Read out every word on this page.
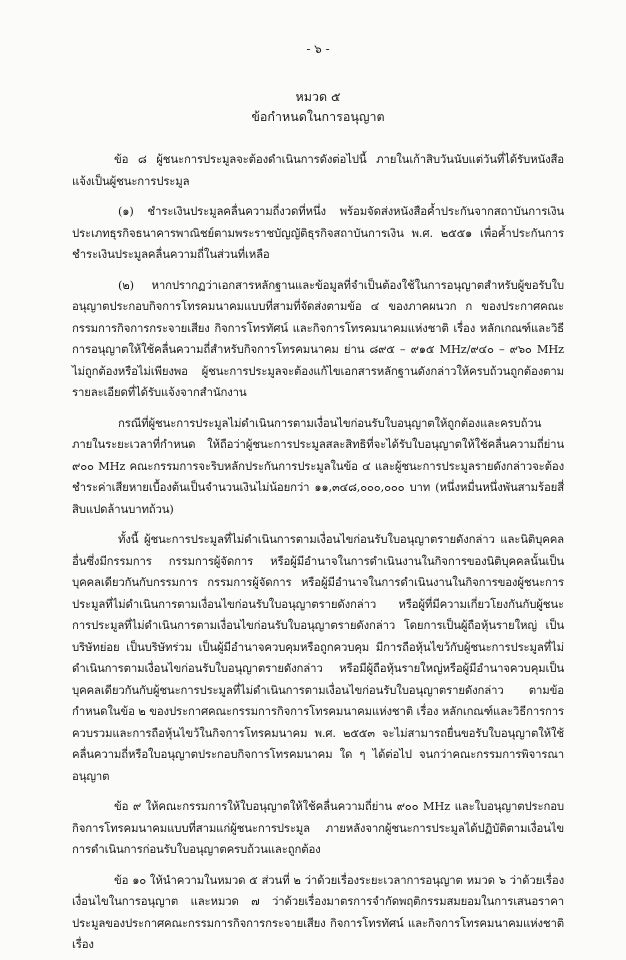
- ๖ -
หมวด ๕
ข้อกำหนดในการอนุญาต

ข้อ ๘ ผู้ชนะการประมูลจะต้องดำเนินการดังต่อไปนี้ ภายในเก้าสิบวันนับแต่วันที่ได้รับหนังสือแจ้งเป็นผู้ชนะการประมูล

(๑) ชำระเงินประมูลคลื่นความถี่งวดที่หนึ่ง พร้อมจัดส่งหนังสือค้ำประกันจากสถาบันการเงินประเภทธุรกิจธนาคารพาณิชย์ตามพระราชบัญญัติธุรกิจสถาบันการเงิน พ.ศ. ๒๕๕๑ เพื่อค้ำประกันการชำระเงินประมูลคลื่นความถี่ในส่วนที่เหลือ

(๒) หากปรากฏว่าเอกสารหลักฐานและข้อมูลที่จำเป็นต้องใช้ในการอนุญาตสำหรับผู้ขอรับใบอนุญาตประกอบกิจการโทรคมนาคมแบบที่สามที่จัดส่งตามข้อ ๔ ของภาคผนวก ก ของประกาศคณะกรรมการกิจการกระจายเสียง กิจการโทรทัศน์ และกิจการโทรคมนาคมแห่งชาติ เรื่อง หลักเกณฑ์และวิธีการอนุญาตให้ใช้คลื่นความถี่สำหรับกิจการโทรคมนาคม ย่าน ๘๙๕ – ๙๑๕ MHz/๙๔๐ – ๙๖๐ MHz ไม่ถูกต้องหรือไม่เพียงพอ ผู้ชนะการประมูลจะต้องแก้ไขเอกสารหลักฐานดังกล่าวให้ครบถ้วนถูกต้องตามรายละเอียดที่ได้รับแจ้งจากสำนักงาน

กรณีที่ผู้ชนะการประมูลไม่ดำเนินการตามเงื่อนไขก่อนรับใบอนุญาตให้ถูกต้องและครบถ้วนภายในระยะเวลาที่กำหนด ให้ถือว่าผู้ชนะการประมูลสละสิทธิที่จะได้รับใบอนุญาตให้ใช้คลื่นความถี่ย่าน ๙๐๐ MHz คณะกรรมการจะริบหลักประกันการประมูลในข้อ ๔ และผู้ชนะการประมูลรายดังกล่าวจะต้องชำระค่าเสียหายเบื้องต้นเป็นจำนวนเงินไม่น้อยกว่า ๑๑,๓๔๘,๐๐๐,๐๐๐ บาท (หนึ่งหมื่นหนึ่งพันสามร้อยสี่สิบแปดล้านบาทถ้วน)

ทั้งนี้ ผู้ชนะการประมูลที่ไม่ดำเนินการตามเงื่อนไขก่อนรับใบอนุญาตรายดังกล่าว และนิติบุคคลอื่นซึ่งมีกรรมการ กรรมการผู้จัดการ หรือผู้มีอำนาจในการดำเนินงานในกิจการของนิติบุคคลนั้นเป็นบุคคลเดียวกันกับกรรมการ กรรมการผู้จัดการ หรือผู้มีอำนาจในการดำเนินงานในกิจการของผู้ชนะการประมูลที่ไม่ดำเนินการตามเงื่อนไขก่อนรับใบอนุญาตรายดังกล่าว หรือผู้ที่มีความเกี่ยวโยงกันกับผู้ชนะการประมูลที่ไม่ดำเนินการตามเงื่อนไขก่อนรับใบอนุญาตรายดังกล่าว โดยการเป็นผู้ถือหุ้นรายใหญ่ เป็นบริษัทย่อย เป็นบริษัทร่วม เป็นผู้มีอำนาจควบคุมหรือถูกควบคุม มีการถือหุ้นไขว้กับผู้ชนะการประมูลที่ไม่ดำเนินการตามเงื่อนไขก่อนรับใบอนุญาตรายดังกล่าว หรือมีผู้ถือหุ้นรายใหญ่หรือผู้มีอำนาจควบคุมเป็นบุคคลเดียวกันกับผู้ชนะการประมูลที่ไม่ดำเนินการตามเงื่อนไขก่อนรับใบอนุญาตรายดังกล่าว ตามข้อกำหนดในข้อ ๒ ของประกาศคณะกรรมการกิจการโทรคมนาคมแห่งชาติ เรื่อง หลักเกณฑ์และวิธีการการควบรวมและการถือหุ้นไขว้ในกิจการโทรคมนาคม พ.ศ. ๒๕๕๓ จะไม่สามารถยื่นขอรับใบอนุญาตให้ใช้คลื่นความถี่หรือใบอนุญาตประกอบกิจการโทรคมนาคม ใด ๆ ได้ต่อไป จนกว่าคณะกรรมการพิจารณาอนุญาต

ข้อ ๙ ให้คณะกรรมการให้ใบอนุญาตให้ใช้คลื่นความถี่ย่าน ๙๐๐ MHz และใบอนุญาตประกอบกิจการโทรคมนาคมแบบที่สามแก่ผู้ชนะการประมูล ภายหลังจากผู้ชนะการประมูลได้ปฏิบัติตามเงื่อนไขการดำเนินการก่อนรับใบอนุญาตครบถ้วนและถูกต้อง

ข้อ ๑๐ ให้นำความในหมวด ๕ ส่วนที่ ๒ ว่าด้วยเรื่องระยะเวลาการอนุญาต หมวด ๖ ว่าด้วยเรื่องเงื่อนไขในการอนุญาต และหมวด ๗ ว่าด้วยเรื่องมาตรการจำกัดพฤติกรรมสมยอมในการเสนอราคาประมูลของประกาศคณะกรรมการกิจการกระจายเสียง กิจการโทรทัศน์ และกิจการโทรคมนาคมแห่งชาติ เรื่อง
